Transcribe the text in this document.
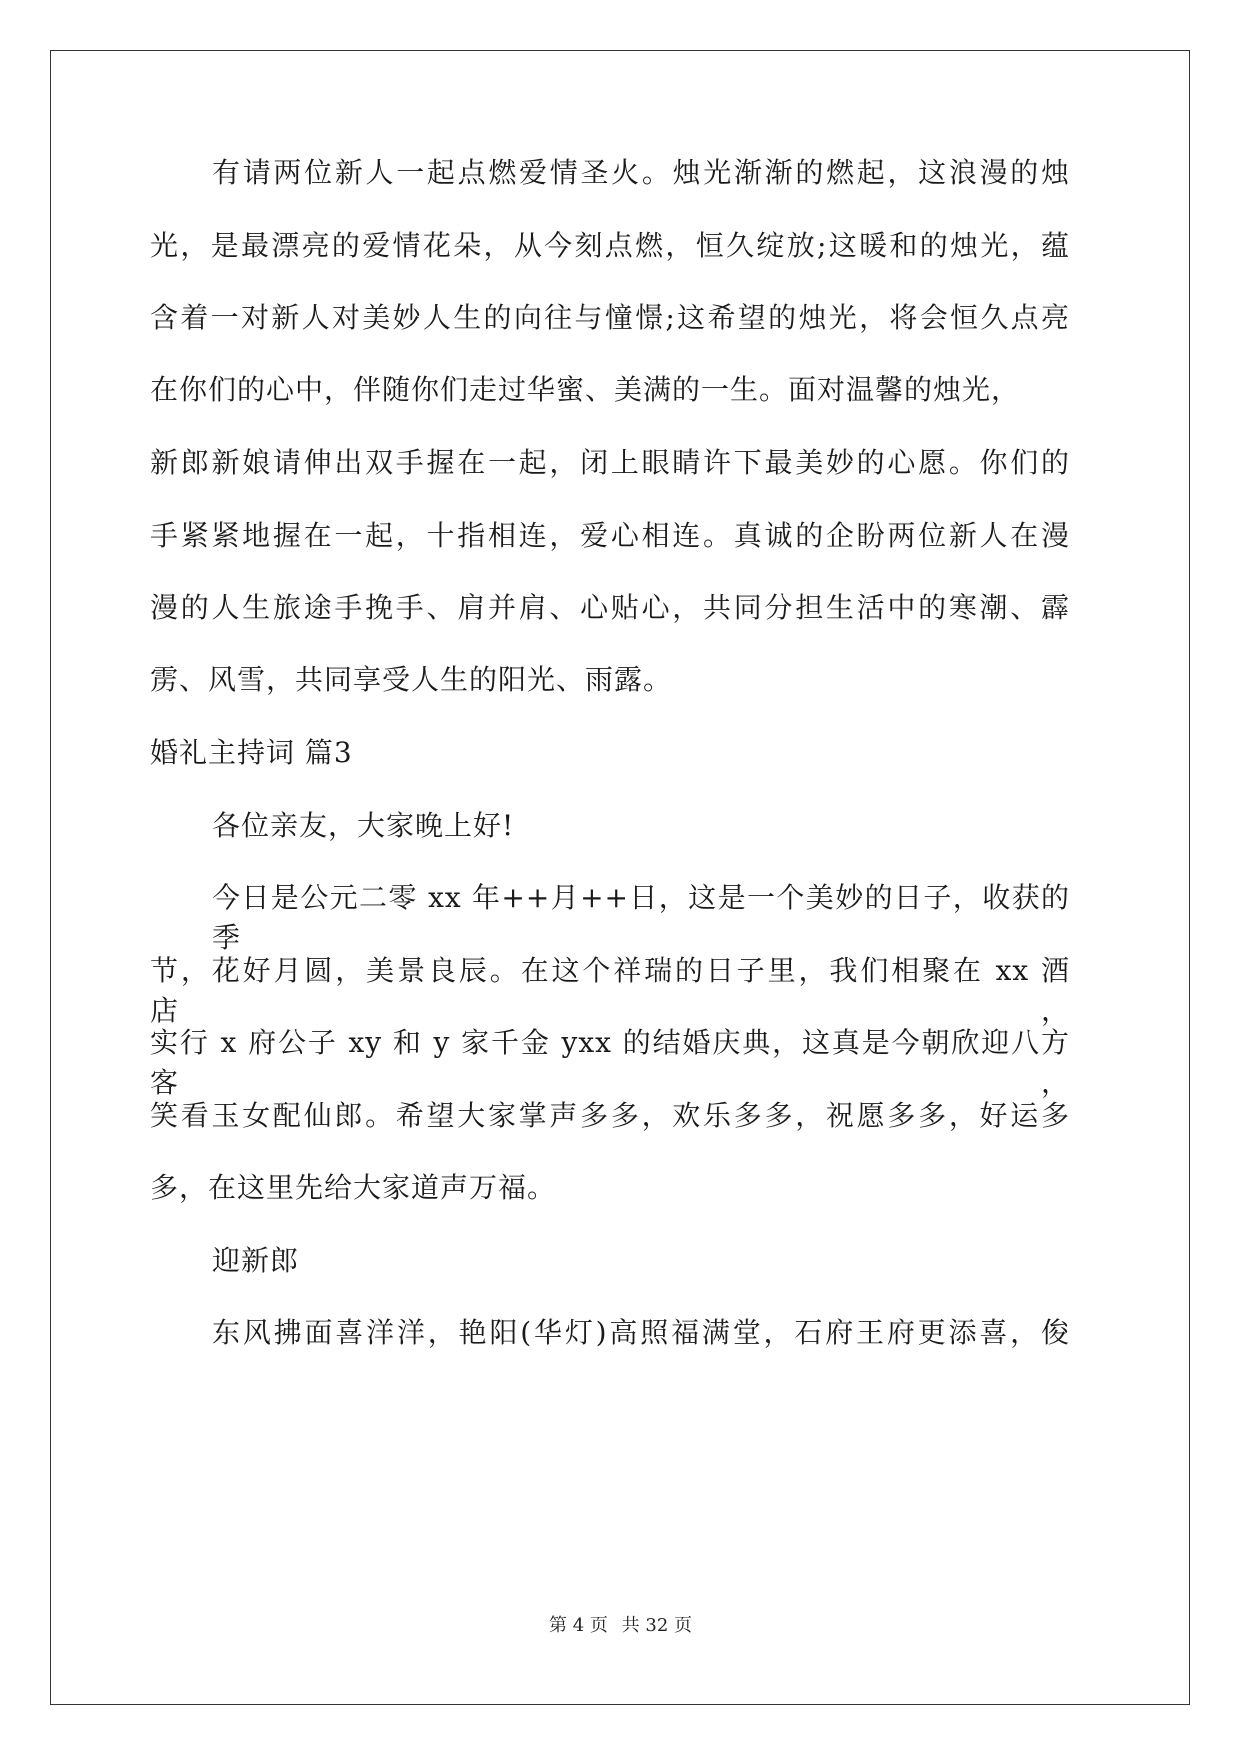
有请两位新人一起点燃爱情圣火。烛光渐渐的燃起，这浪漫的烛
光，是最漂亮的爱情花朵，从今刻点燃，恒久绽放;这暖和的烛光，蕴
含着一对新人对美妙人生的向往与憧憬;这希望的烛光，将会恒久点亮
在你们的心中，伴随你们走过华蜜、美满的一生。面对温馨的烛光，
新郎新娘请伸出双手握在一起，闭上眼睛许下最美妙的心愿。你们的
手紧紧地握在一起，十指相连，爱心相连。真诚的企盼两位新人在漫
漫的人生旅途手挽手、肩并肩、心贴心，共同分担生活中的寒潮、霹
雳、风雪，共同享受人生的阳光、雨露。
婚礼主持词 篇3
各位亲友，大家晚上好!
今日是公元二零 xx 年++月++日，这是一个美妙的日子，收获的季
节，花好月圆，美景良辰。在这个祥瑞的日子里，我们相聚在 xx 酒店，
实行 x 府公子 xy 和 y 家千金 yxx 的结婚庆典，这真是今朝欣迎八方客，
笑看玉女配仙郎。希望大家掌声多多，欢乐多多，祝愿多多，好运多
多，在这里先给大家道声万福。
迎新郎
东风拂面喜洋洋，艳阳(华灯)高照福满堂，石府王府更添喜，俊
第 4 页 共 32 页
